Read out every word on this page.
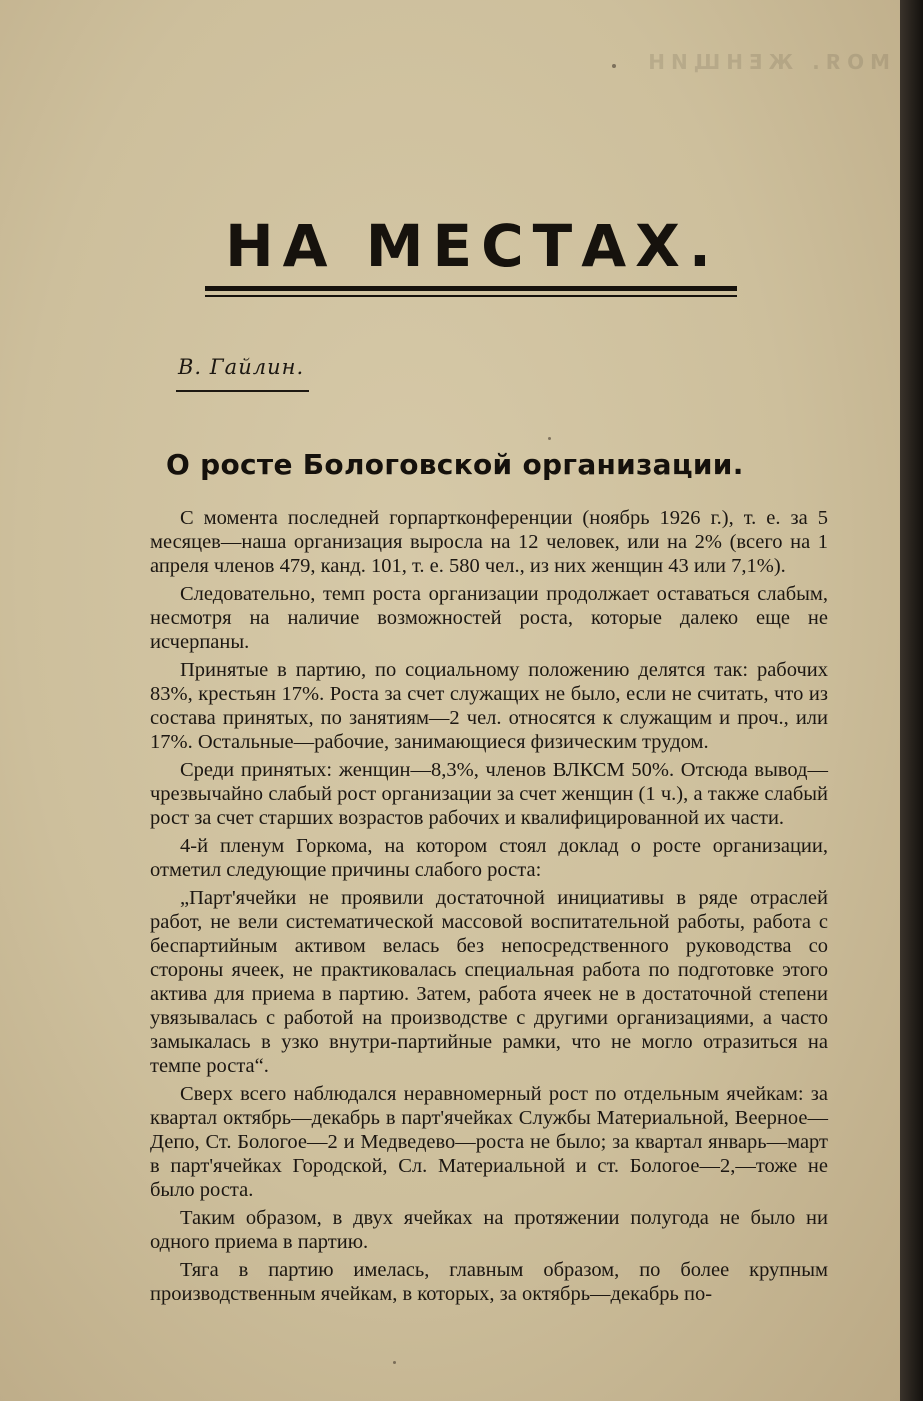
МОЯ. ЖЕНЩИН
НА МЕСТАХ.
В. Гайлин.
О росте Бологовской организации.

С момента последней горпартконференции (ноябрь 1926 г.), т. е. за 5 месяцев—наша организация выросла на 12 человек, или на 2% (всего на 1 апреля членов 479, канд. 101, т. е. 580 чел., из них женщин 43 или 7,1%).

Следовательно, темп роста организации продолжает оставаться слабым, несмотря на наличие возможностей роста, которые далеко еще не исчерпаны.

Принятые в партию, по социальному положению делятся так: рабочих 83%, крестьян 17%. Роста за счет служащих не было, если не считать, что из состава принятых, по занятиям—2 чел. относятся к служащим и проч., или 17%. Остальные—рабочие, занимающиеся физическим трудом.

Среди принятых: женщин—8,3%, членов ВЛКСМ 50%. Отсюда вывод—чрезвычайно слабый рост организации за счет женщин (1 ч.), а также слабый рост за счет старших возрастов рабочих и квалифицированной их части.

4-й пленум Горкома, на котором стоял доклад о росте организации, отметил следующие причины слабого роста:

„Парт'ячейки не проявили достаточной инициативы в ряде отраслей работ, не вели систематической массовой воспитательной работы, работа с беспартийным активом велась без непосредственного руководства со стороны ячеек, не практиковалась специальная работа по подготовке этого актива для приема в партию. Затем, работа ячеек не в достаточной степени увязывалась с работой на производстве с другими организациями, а часто замыкалась в узко внутри-партийные рамки, что не могло отразиться на темпе роста“.

Сверх всего наблюдался неравномерный рост по отдельным ячейкам: за квартал октябрь—декабрь в парт'ячейках Службы Материальной, Веерное—Депо, Ст. Бологое—2 и Медведево—роста не было; за квартал январь—март в парт'ячейках Городской, Сл. Материальной и ст. Бологое—2,—тоже не было роста.

Таким образом, в двух ячейках на протяжении полугода не было ни одного приема в партию.

Тяга в партию имелась, главным образом, по более крупным производственным ячейкам, в которых, за октябрь—декабрь по-
